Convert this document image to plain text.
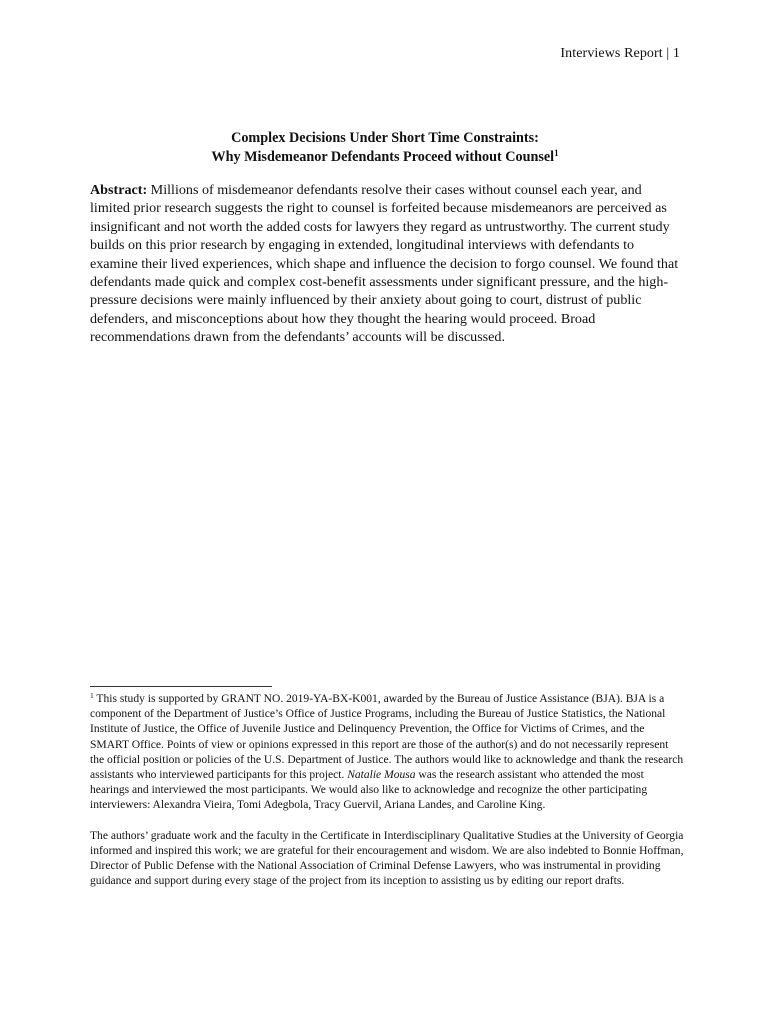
Interviews Report | 1
Complex Decisions Under Short Time Constraints:
Why Misdemeanor Defendants Proceed without Counsel$^1$
Abstract: Millions of misdemeanor defendants resolve their cases without counsel each year, and limited prior research suggests the right to counsel is forfeited because misdemeanors are perceived as insignificant and not worth the added costs for lawyers they regard as untrustworthy. The current study builds on this prior research by engaging in extended, longitudinal interviews with defendants to examine their lived experiences, which shape and influence the decision to forgo counsel. We found that defendants made quick and complex cost-benefit assessments under significant pressure, and the high-pressure decisions were mainly influenced by their anxiety about going to court, distrust of public defenders, and misconceptions about how they thought the hearing would proceed. Broad recommendations drawn from the defendants’ accounts will be discussed.
$^1$ This study is supported by GRANT NO. 2019-YA-BX-K001, awarded by the Bureau of Justice Assistance (BJA). BJA is a component of the Department of Justice’s Office of Justice Programs, including the Bureau of Justice Statistics, the National Institute of Justice, the Office of Juvenile Justice and Delinquency Prevention, the Office for Victims of Crimes, and the SMART Office. Points of view or opinions expressed in this report are those of the author(s) and do not necessarily represent the official position or policies of the U.S. Department of Justice. The authors would like to acknowledge and thank the research assistants who interviewed participants for this project. Natalie Mousa was the research assistant who attended the most hearings and interviewed the most participants. We would also like to acknowledge and recognize the other participating interviewers: Alexandra Vieira, Tomi Adegbola, Tracy Guervil, Ariana Landes, and Caroline King.
The authors’ graduate work and the faculty in the Certificate in Interdisciplinary Qualitative Studies at the University of Georgia informed and inspired this work; we are grateful for their encouragement and wisdom. We are also indebted to Bonnie Hoffman, Director of Public Defense with the National Association of Criminal Defense Lawyers, who was instrumental in providing guidance and support during every stage of the project from its inception to assisting us by editing our report drafts.
